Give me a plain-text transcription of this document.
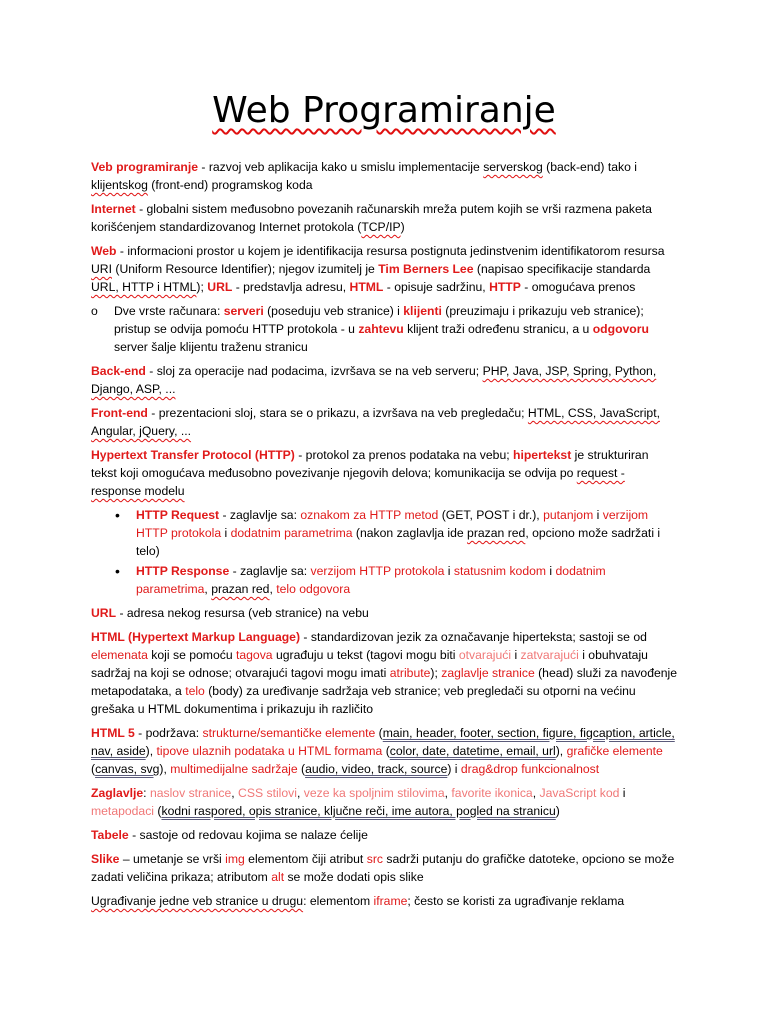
Web Programiranje

Veb programiranje - razvoj veb aplikacija kako u smislu implementacije serverskog (back-end) tako i klijentskog (front-end) programskog koda

Internet - globalni sistem međusobno povezanih računarskih mreža putem kojih se vrši razmena paketa korišćenjem standardizovanog Internet protokola (TCP/IP)

Web - informacioni prostor u kojem je identifikacija resursa postignuta jedinstvenim identifikatorom resursa URI (Uniform Resource Identifier); njegov izumitelj je Tim Berners Lee (napisao specifikacije standarda URL, HTTP i HTML); URL - predstavlja adresu, HTML - opisuje sadržinu, HTTP - omogućava prenos

o Dve vrste računara: serveri (poseduju veb stranice) i klijenti (preuzimaju i prikazuju veb stranice); pristup se odvija pomoću HTTP protokola - u zahtevu klijent traži određenu stranicu, a u odgovoru server šalje klijentu traženu stranicu

Back-end - sloj za operacije nad podacima, izvršava se na veb serveru; PHP, Java, JSP, Spring, Python, Django, ASP, ...

Front-end - prezentacioni sloj, stara se o prikazu, a izvršava na veb pregledaču; HTML, CSS, JavaScript, Angular, jQuery, ...

Hypertext Transfer Protocol (HTTP) - protokol za prenos podataka na vebu; hipertekst je strukturiran tekst koji omogućava međusobno povezivanje njegovih delova; komunikacija se odvija po request - response modelu

• HTTP Request - zaglavlje sa: oznakom za HTTP metod (GET, POST i dr.), putanjom i verzijom HTTP protokola i dodatnim parametrima (nakon zaglavlja ide prazan red, opciono može sadržati i telo)
• HTTP Response - zaglavlje sa: verzijom HTTP protokola i statusnim kodom i dodatnim parametrima, prazan red, telo odgovora

URL - adresa nekog resursa (veb stranice) na vebu

HTML (Hypertext Markup Language) - standardizovan jezik za označavanje hiperteksta; sastoji se od elemenata koji se pomoću tagova ugrađuju u tekst (tagovi mogu biti otvarajući i zatvarajući i obuhvataju sadržaj na koji se odnose; otvarajući tagovi mogu imati atribute); zaglavlje stranice (head) služi za navođenje metapodataka, a telo (body) za uređivanje sadržaja veb stranice; veb pregledači su otporni na većinu grešaka u HTML dokumentima i prikazuju ih različito

HTML 5 - podržava: strukturne/semantičke elemente (main, header, footer, section, figure, figcaption, article, nav, aside), tipove ulaznih podataka u HTML formama (color, date, datetime, email, url), grafičke elemente (canvas, svg), multimedijalne sadržaje (audio, video, track, source) i drag&drop funkcionalnost

Zaglavlje: naslov stranice, CSS stilovi, veze ka spoljnim stilovima, favorite ikonica, JavaScript kod i metapodaci (kodni raspored, opis stranice, ključne reči, ime autora, pogled na stranicu)

Tabele - sastoje od redovau kojima se nalaze ćelije

Slike – umetanje se vrši img elementom čiji atribut src sadrži putanju do grafičke datoteke, opciono se može zadati veličina prikaza; atributom alt se može dodati opis slike

Ugrađivanje jedne veb stranice u drugu: elementom iframe; često se koristi za ugrađivanje reklama
